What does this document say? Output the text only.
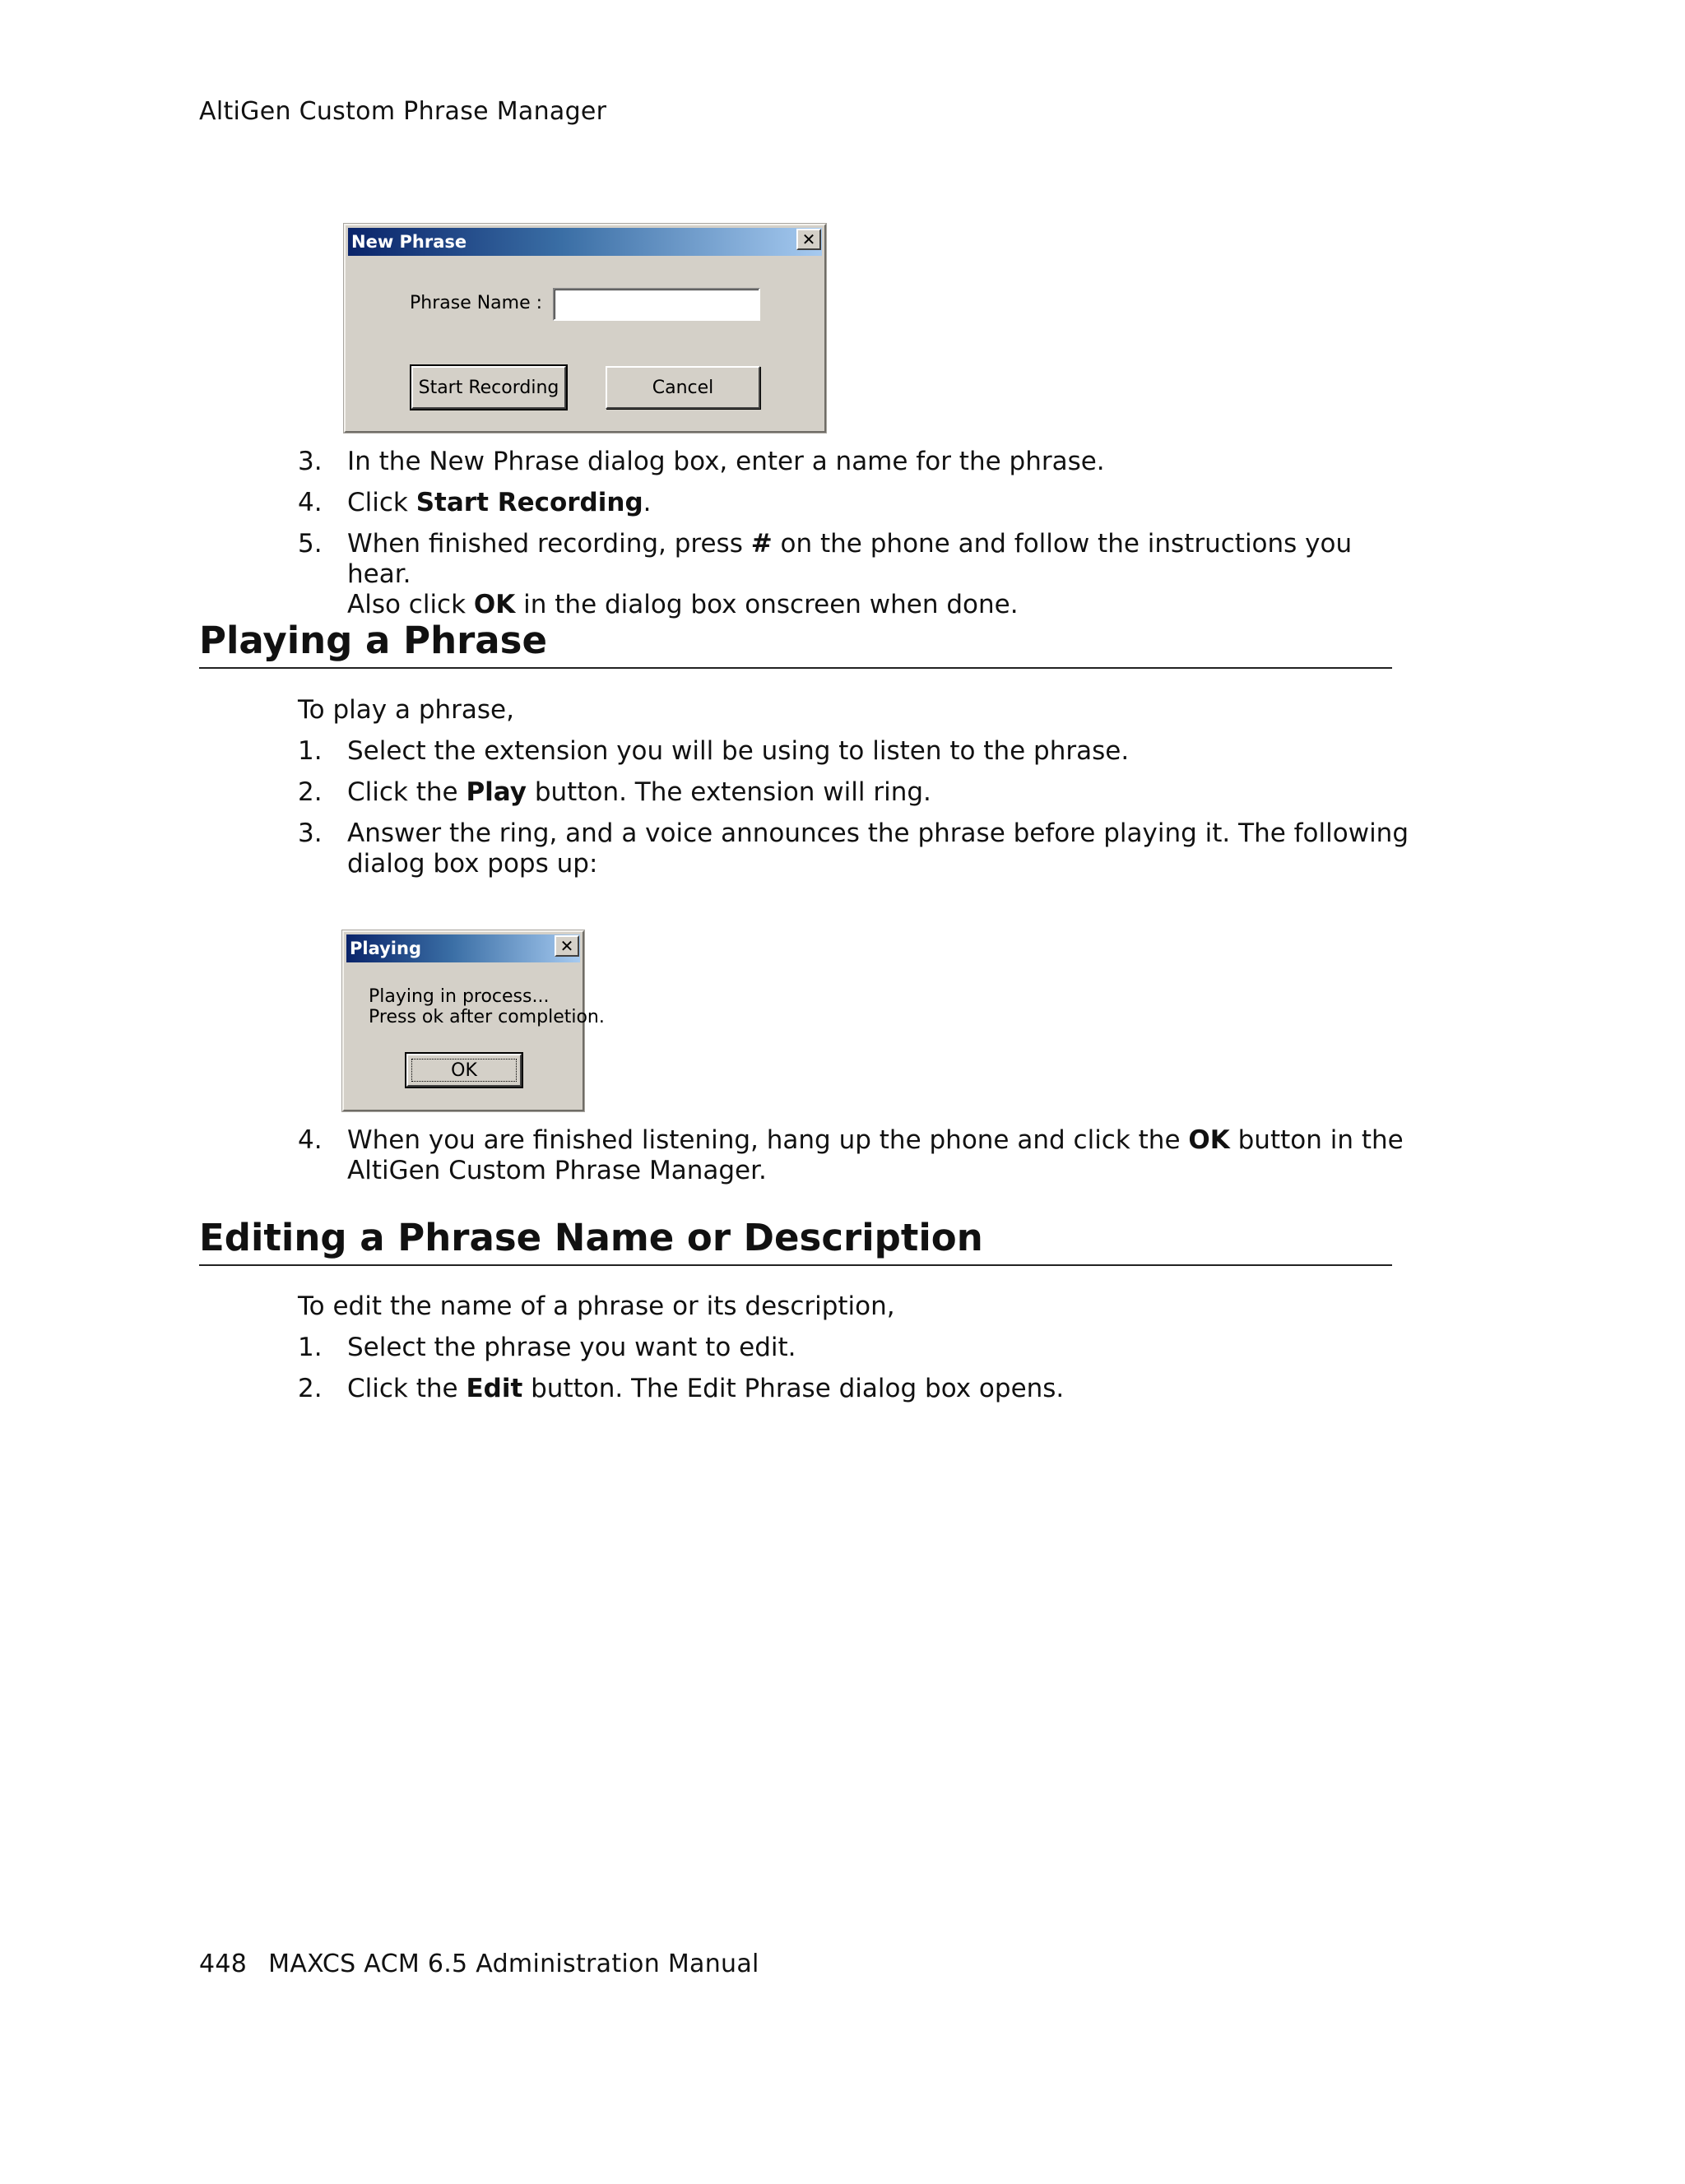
AltiGen Custom Phrase Manager
New Phrase	✕
Phrase Name :
Start Recording	Cancel
3. In the New Phrase dialog box, enter a name for the phrase.
4. Click Start Recording.
5. When finished recording, press # on the phone and follow the instructions you hear.
Also click OK in the dialog box onscreen when done.
Playing a Phrase
To play a phrase,
1. Select the extension you will be using to listen to the phrase.
2. Click the Play button. The extension will ring.
3. Answer the ring, and a voice announces the phrase before playing it. The following
dialog box pops up:
Playing	✕
Playing in process...
Press ok after completion.
OK
4. When you are finished listening, hang up the phone and click the OK button in the
AltiGen Custom Phrase Manager.
Editing a Phrase Name or Description
To edit the name of a phrase or its description,
1. Select the phrase you want to edit.
2. Click the Edit button. The Edit Phrase dialog box opens.
448 MAXCS ACM 6.5 Administration Manual
